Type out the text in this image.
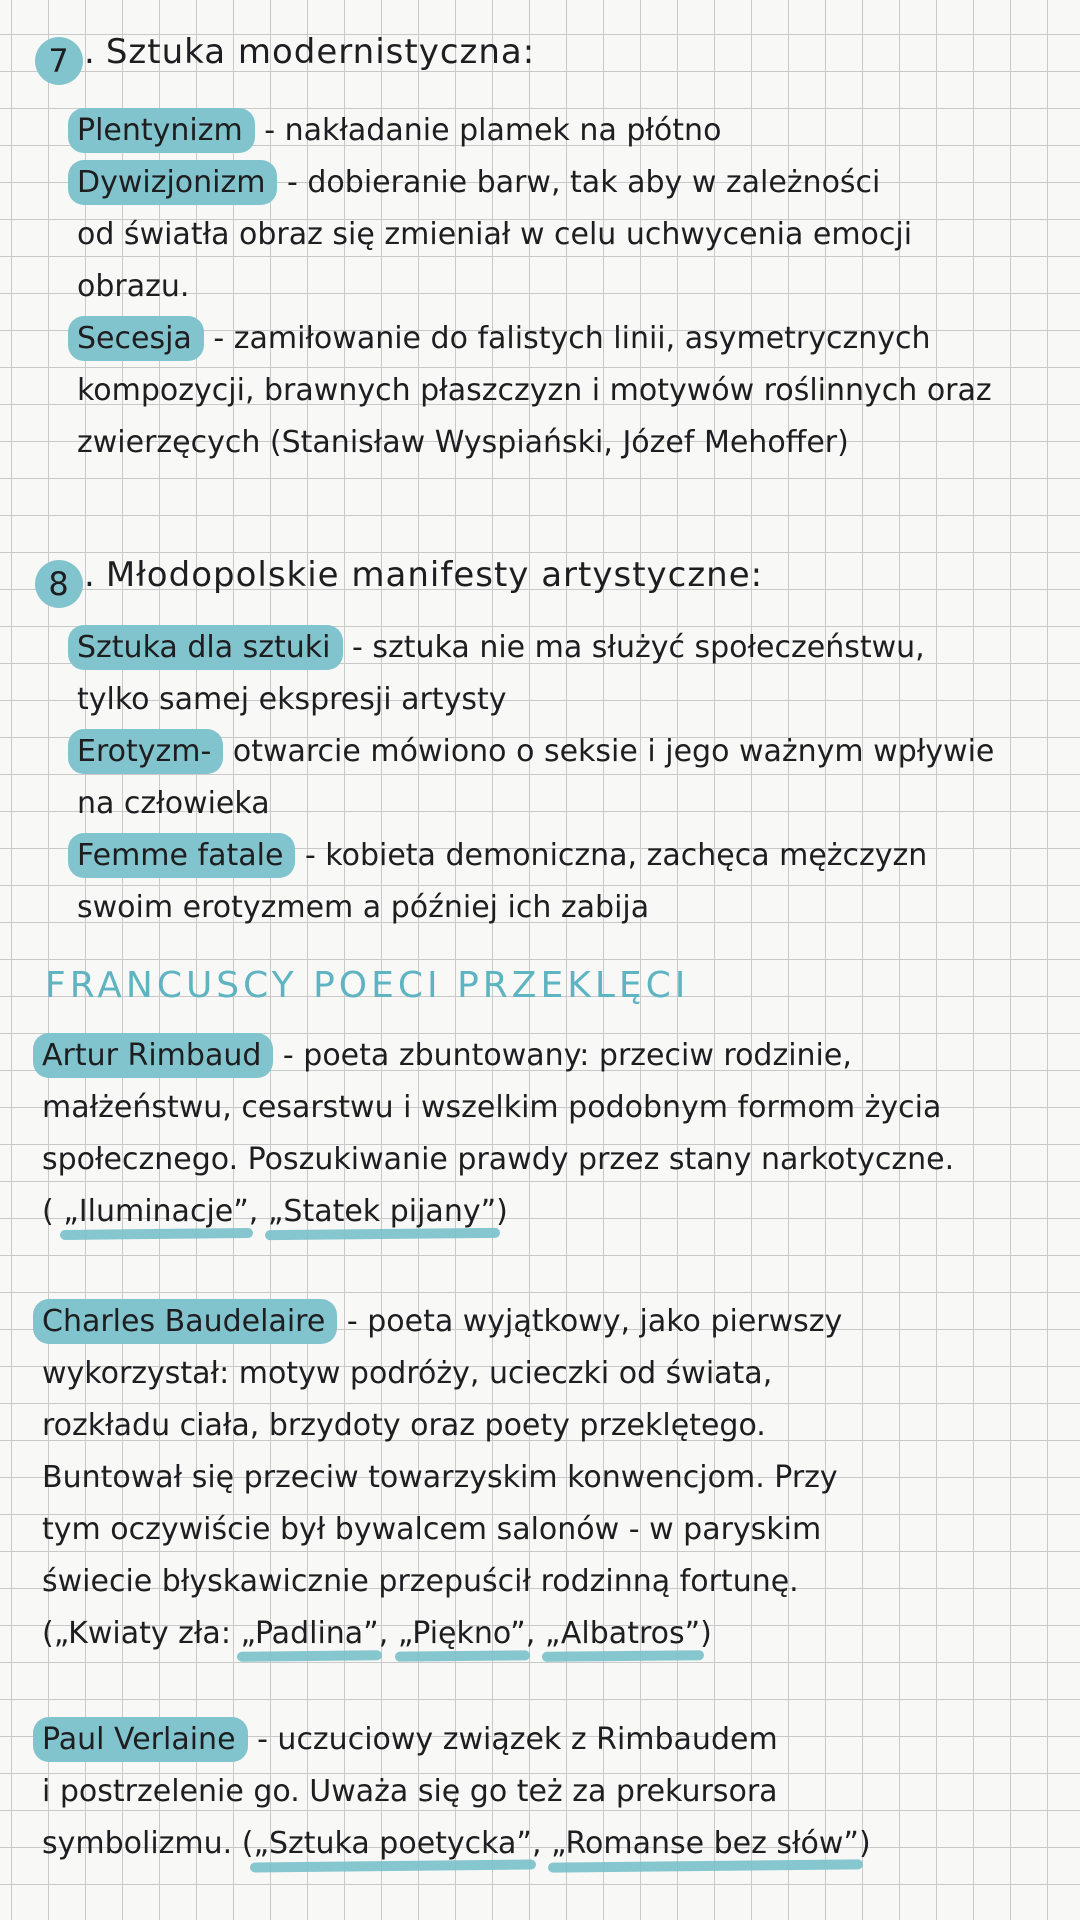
7 . Sztuka modernistyczna:
Plentynizm - nakładanie plamek na płótno
Dywizjonizm - dobieranie barw, tak aby w zależności
od światła obraz się zmieniał w celu uchwycenia emocji
obrazu.
Secesja - zamiłowanie do falistych linii, asymetrycznych
kompozycji, brawnych płaszczyzn i motywów roślinnych oraz
zwierzęcych (Stanisław Wyspiański, Józef Mehoffer)
8 . Młodopolskie manifesty artystyczne:
Sztuka dla sztuki - sztuka nie ma służyć społeczeństwu,
tylko samej ekspresji artysty
Erotyzm- otwarcie mówiono o seksie i jego ważnym wpływie
na człowieka
Femme fatale - kobieta demoniczna, zachęca mężczyzn
swoim erotyzmem a później ich zabija
FRANCUSCY POECI PRZEKLĘCI
Artur Rimbaud - poeta zbuntowany: przeciw rodzinie,
małżeństwu, cesarstwu i wszelkim podobnym formom życia
społecznego. Poszukiwanie prawdy przez stany narkotyczne.
( „Iluminacje”, „Statek pijany”)
Charles Baudelaire - poeta wyjątkowy, jako pierwszy
wykorzystał: motyw podróży, ucieczki od świata,
rozkładu ciała, brzydoty oraz poety przeklętego.
Buntował się przeciw towarzyskim konwencjom. Przy
tym oczywiście był bywalcem salonów - w paryskim
świecie błyskawicznie przepuścił rodzinną fortunę.
(„Kwiaty zła: „Padlina”, „Piękno”, „Albatros”)
Paul Verlaine - uczuciowy związek z Rimbaudem
i postrzelenie go. Uważa się go też za prekursora
symbolizmu. („Sztuka poetycka”, „Romanse bez słów”)
